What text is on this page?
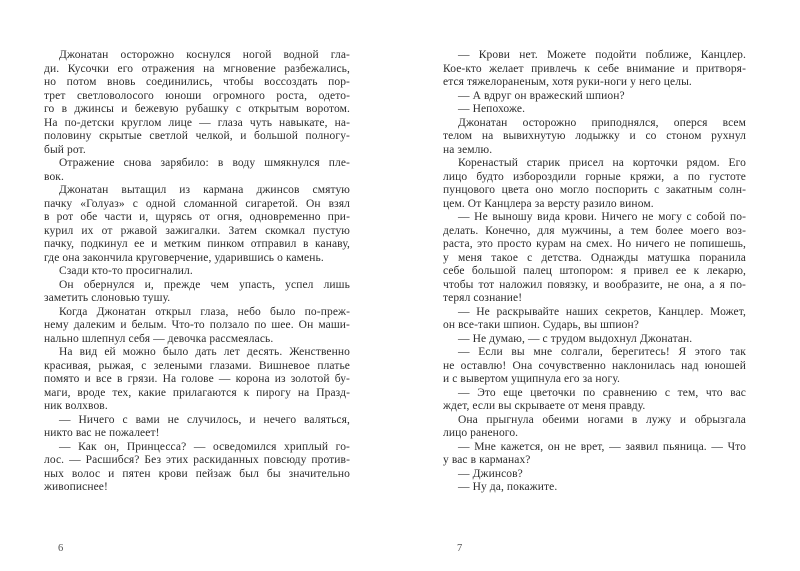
Джонатан осторожно коснулся ногой водной гла-
ди. Кусочки его отражения на мгновение разбежались,
но потом вновь соединились, чтобы воссоздать пор-
трет светловолосого юноши огромного роста, одето-
го в джинсы и бежевую рубашку с открытым воротом.
На по-детски круглом лице — глаза чуть навыкате, на-
половину скрытые светлой челкой, и большой полногу-
бый рот.
Отражение снова зарябило: в воду шмякнулся пле-
вок.
Джонатан вытащил из кармана джинсов смятую
пачку «Голуаз» с одной сломанной сигаретой. Он взял
в рот обе части и, щурясь от огня, одновременно при-
курил их от ржавой зажигалки. Затем скомкал пустую
пачку, подкинул ее и метким пинком отправил в канаву,
где она закончила круговерчение, ударившись о камень.
Сзади кто-то просигналил.
Он обернулся и, прежде чем упасть, успел лишь
заметить слоновью тушу.
Когда Джонатан открыл глаза, небо было по-преж-
нему далеким и белым. Что-то ползало по шее. Он маши-
нально шлепнул себя — девочка рассмеялась.
На вид ей можно было дать лет десять. Женственно
красивая, рыжая, с зелеными глазами. Вишневое платье
помято и все в грязи. На голове — корона из золотой бу-
маги, вроде тех, какие прилагаются к пирогу на Празд-
ник волхвов.
— Ничего с вами не случилось, и нечего валяться,
никто вас не пожалеет!
— Как он, Принцесса? — осведомился хриплый го-
лос. — Расшибся? Без этих раскиданных повсюду против-
ных волос и пятен крови пейзаж был бы значительно
живописнее!
6
— Крови нет. Можете подойти поближе, Канцлер.
Кое-кто желает привлечь к себе внимание и притворя-
ется тяжелораненым, хотя руки-ноги у него целы.
— А вдруг он вражеский шпион?
— Непохоже.
Джонатан осторожно приподнялся, оперся всем
телом на вывихнутую лодыжку и со стоном рухнул
на землю.
Коренастый старик присел на корточки рядом. Его
лицо будто избороздили горные кряжи, а по густоте
пунцового цвета оно могло поспорить с закатным солн-
цем. От Канцлера за версту разило вином.
— Не выношу вида крови. Ничего не могу с собой по-
делать. Конечно, для мужчины, а тем более моего воз-
раста, это просто курам на смех. Но ничего не попишешь,
у меня такое с детства. Однажды матушка поранила
себе большой палец штопором: я привел ее к лекарю,
чтобы тот наложил повязку, и вообразите, не она, а я по-
терял сознание!
— Не раскрывайте наших секретов, Канцлер. Может,
он все-таки шпион. Сударь, вы шпион?
— Не думаю, — с трудом выдохнул Джонатан.
— Если вы мне солгали, берегитесь! Я этого так
не оставлю! Она сочувственно наклонилась над юношей
и с вывертом ущипнула его за ногу.
— Это еще цветочки по сравнению с тем, что вас
ждет, если вы скрываете от меня правду.
Она прыгнула обеими ногами в лужу и обрызгала
лицо раненого.
— Мне кажется, он не врет, — заявил пьяница. — Что
у вас в карманах?
— Джинсов?
— Ну да, покажите.
7
